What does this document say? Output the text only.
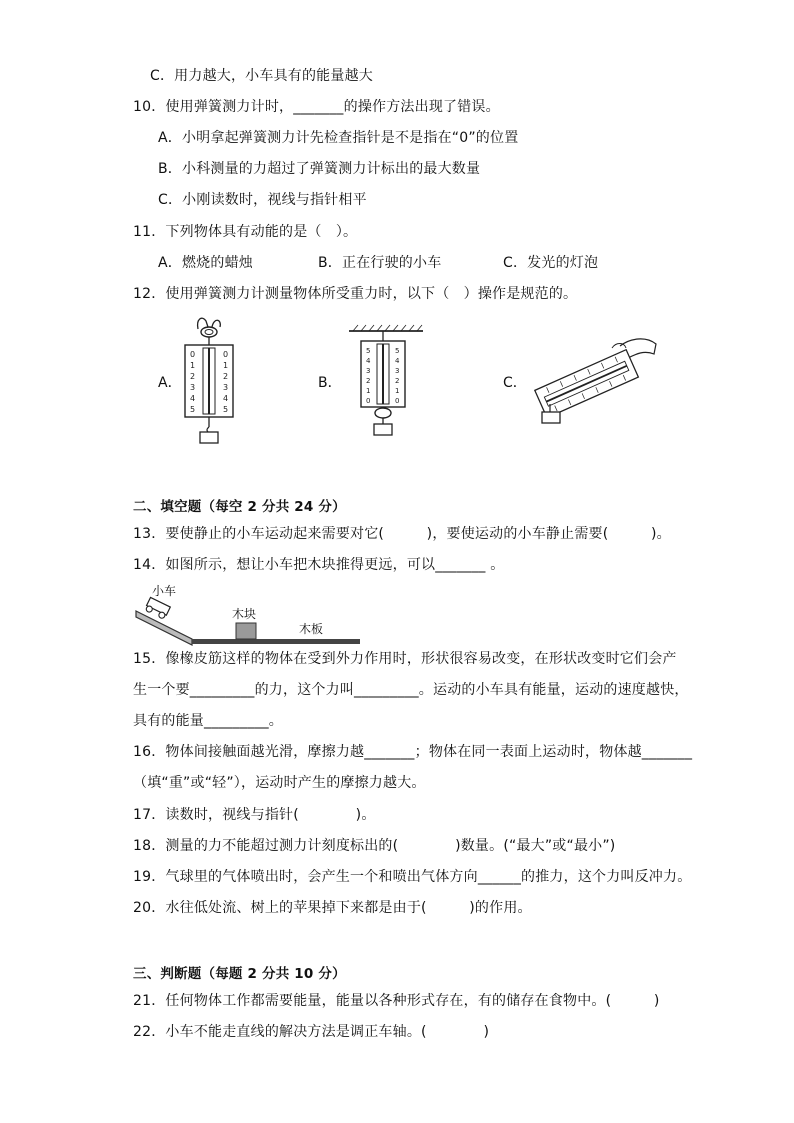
C．用力越大，小车具有的能量越大
10．使用弹簧测力计时，_______的操作方法出现了错误。
A．小明拿起弹簧测力计先检查指针是不是指在“0”的位置
B．小科测量的力超过了弹簧测力计标出的最大数量
C．小刚读数时，视线与指针相平
11．下列物体具有动能的是（　）。
A．燃烧的蜡烛	B．正在行驶的小车	C．发光的灯泡
12．使用弹簧测力计测量物体所受重力时，以下（　）操作是规范的。
A．	B．	C．
0
1
2
3
4
5
0
1
2
3
4
5
5
4
3
2
1
0
5
4
3
2
1
0
二、填空题（每空 2 分共 24 分）
13．要使静止的小车运动起来需要对它(　　　)，要使运动的小车静止需要(　　　)。
14．如图所示，想让小车把木块推得更远，可以_______ 。
小车
木块
木板
15．像橡皮筋这样的物体在受到外力作用时，形状很容易改变，在形状改变时它们会产
生一个要_________的力，这个力叫_________。运动的小车具有能量，运动的速度越快，
具有的能量_________。
16．物体间接触面越光滑，摩擦力越_______；物体在同一表面上运动时，物体越_______
（填“重”或“轻”），运动时产生的摩擦力越大。
17．读数时，视线与指针(　　　　)。
18．测量的力不能超过测力计刻度标出的(　　　　)数量。(“最大”或“最小”)
19．气球里的气体喷出时，会产生一个和喷出气体方向______的推力，这个力叫反冲力。
20．水往低处流、树上的苹果掉下来都是由于(　　　)的作用。
三、判断题（每题 2 分共 10 分）
21．任何物体工作都需要能量，能量以各种形式存在，有的储存在食物中。(　　　)
22．小车不能走直线的解决方法是调正车轴。(　　　　)
